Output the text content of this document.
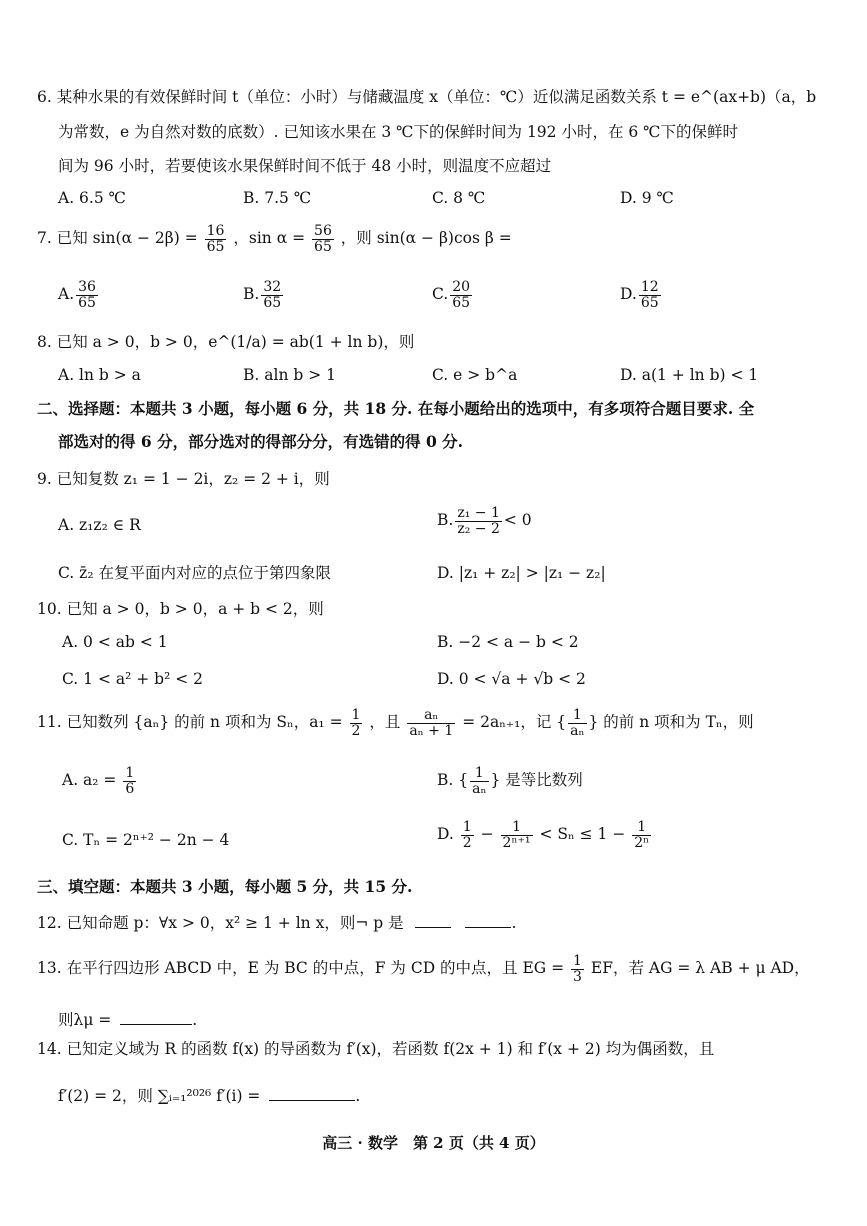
6. 某种水果的有效保鲜时间 t（单位：小时）与储藏温度 x（单位：℃）近似满足函数关系 t = e^(ax+b)（a，b
为常数，e 为自然对数的底数）. 已知该水果在 3 ℃下的保鲜时间为 192 小时，在 6 ℃下的保鲜时
间为 96 小时，若要使该水果保鲜时间不低于 48 小时，则温度不应超过
A. 6.5 ℃	B. 7.5 ℃	C. 8 ℃	D. 9 ℃
7. 已知 $\sin(\alpha - 2\beta) = \frac{16}{65}$ ，$\sin \alpha = \frac{56}{65}$ ，则 sin(α − β)cos β =
A. $\frac{36}{65}$	B. $\frac{32}{65}$	C. $\frac{20}{65}$	D. $\frac{12}{65}$
8. 已知 a > 0，b > 0，e^(1/a) = ab(1 + ln b)，则
A. ln b > a	B. aln b > 1	C. e > b^a	D. a(1 + ln b) < 1
二、选择题：本题共 3 小题，每小题 6 分，共 18 分. 在每小题给出的选项中，有多项符合题目要求. 全
部选对的得 6 分，部分选对的得部分分，有选错的得 0 分.
9. 已知复数 z₁ = 1 − 2i，z₂ = 2 + i，则
A. z₁z₂ ∈ R	B. $\frac{\text{z₁ − 1}}{\text{z₂ − 2}} < 0$
C. z̄₂ 在复平面内对应的点位于第四象限	D. |z₁ + z₂| > |z₁ − z₂|
10. 已知 a > 0，b > 0，a + b < 2，则
A. 0 < ab < 1	B. −2 < a − b < 2
C. 1 < a² + b² < 2	D. 0 < √a + √b < 2
11. 已知数列 {aₙ} 的前 n 项和为 Sₙ，$a_1 = \frac{1}{2}$ ，且 $\frac{\text{aₙ}}{\text{aₙ + 1}} = 2a_{n+1}$，记 { $\frac{1}{\text{aₙ}}$ } 的前 n 项和为 Tₙ，则
A. $a_2 = \frac{1}{6}$	B. { $\frac{1}{\text{aₙ}}$ } 是等比数列
C. Tₙ = 2ⁿ⁺² − 2n − 4	D. $\frac{1}{2} - \frac{1}{\text{2ⁿ⁺¹}} < S_n \le 1 - \frac{1}{\text{2ⁿ}}$
三、填空题：本题共 3 小题，每小题 5 分，共 15 分.
12. 已知命题 p：∀x > 0，x² ≥ 1 + ln x，则¬ p 是	.
13. 在平行四边形 ABCD 中，E 为 BC 的中点，F 为 CD 的中点，且 EG = $\frac{1}{3}$ EF，若 AG = λ AB + μ AD，
则λμ =	.
14. 已知定义域为 R 的函数 f(x) 的导函数为 f′(x)，若函数 f(2x + 1) 和 f′(x + 2) 均为偶函数，且
f′(2) = 2，则 ∑ᵢ₌₁²⁰²⁶ f′(i) =	.
高三 · 数学　第 2 页（共 4 页）
